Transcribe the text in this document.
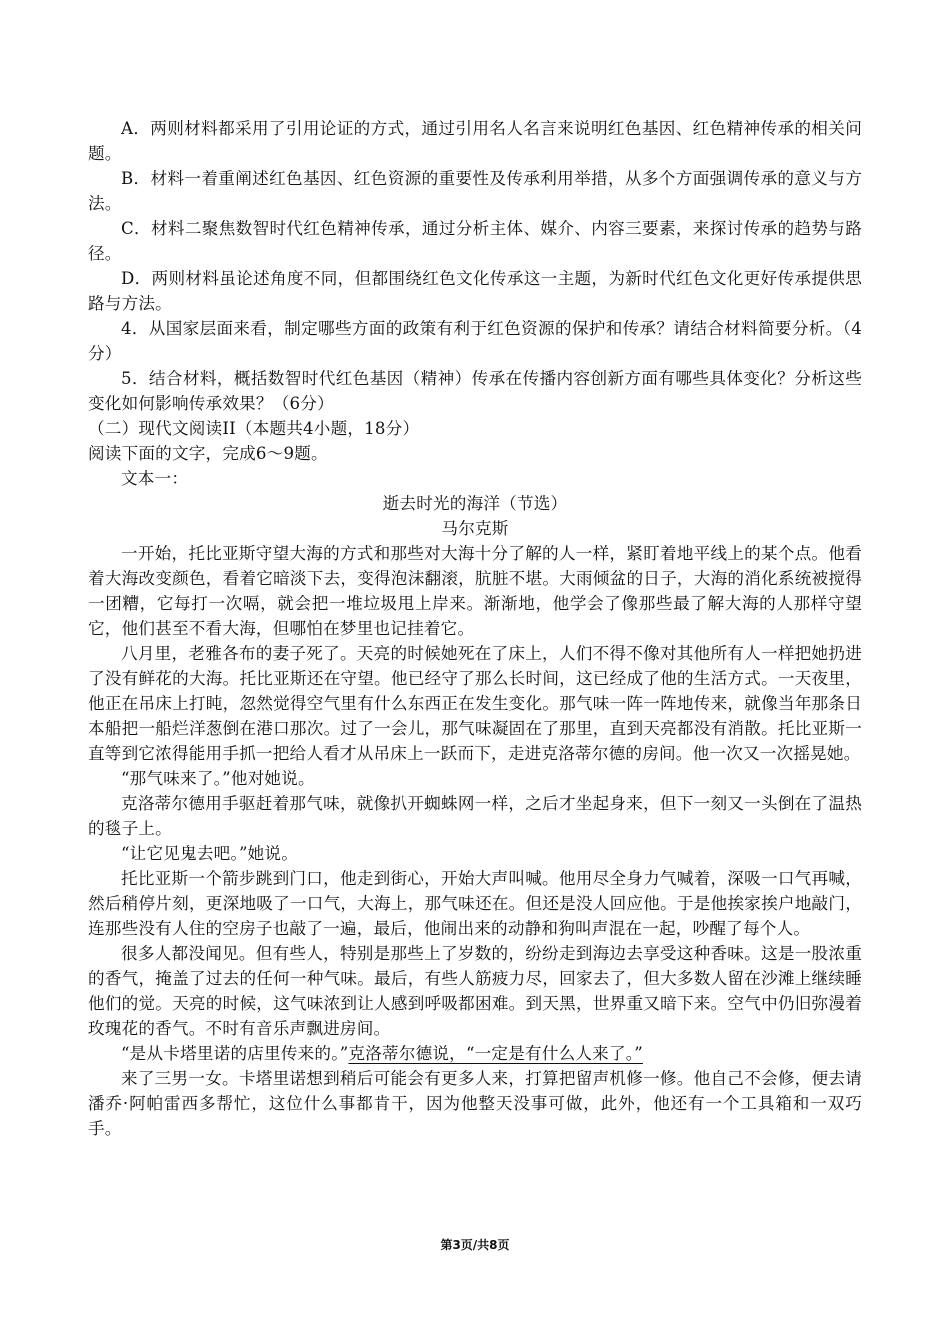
A．两则材料都采用了引用论证的方式，通过引用名人名言来说明红色基因、红色精神传承的相关问题。

B．材料一着重阐述红色基因、红色资源的重要性及传承利用举措，从多个方面强调传承的意义与方法。

C．材料二聚焦数智时代红色精神传承，通过分析主体、媒介、内容三要素，来探讨传承的趋势与路径。

D．两则材料虽论述角度不同，但都围绕红色文化传承这一主题，为新时代红色文化更好传承提供思路与方法。

4．从国家层面来看，制定哪些方面的政策有利于红色资源的保护和传承？请结合材料简要分析。（4分）

5．结合材料，概括数智时代红色基因（精神）传承在传播内容创新方面有哪些具体变化？分析这些变化如何影响传承效果？（6分）

（二）现代文阅读II（本题共4小题，18分）

阅读下面的文字，完成6～9题。

文本一：

逝去时光的海洋（节选）

马尔克斯

一开始，托比亚斯守望大海的方式和那些对大海十分了解的人一样，紧盯着地平线上的某个点。他看着大海改变颜色，看着它暗淡下去，变得泡沫翻滚，肮脏不堪。大雨倾盆的日子，大海的消化系统被搅得一团糟，它每打一次嗝，就会把一堆垃圾甩上岸来。渐渐地，他学会了像那些最了解大海的人那样守望它，他们甚至不看大海，但哪怕在梦里也记挂着它。

八月里，老雅各布的妻子死了。天亮的时候她死在了床上，人们不得不像对其他所有人一样把她扔进了没有鲜花的大海。托比亚斯还在守望。他已经守了那么长时间，这已经成了他的生活方式。一天夜里，他正在吊床上打盹，忽然觉得空气里有什么东西正在发生变化。那气味一阵一阵地传来，就像当年那条日本船把一船烂洋葱倒在港口那次。过了一会儿，那气味凝固在了那里，直到天亮都没有消散。托比亚斯一直等到它浓得能用手抓一把给人看才从吊床上一跃而下，走进克洛蒂尔德的房间。他一次又一次摇晃她。

“那气味来了。”他对她说。

克洛蒂尔德用手驱赶着那气味，就像扒开蜘蛛网一样，之后才坐起身来，但下一刻又一头倒在了温热的毯子上。

“让它见鬼去吧。”她说。

托比亚斯一个箭步跳到门口，他走到街心，开始大声叫喊。他用尽全身力气喊着，深吸一口气再喊，然后稍停片刻，更深地吸了一口气，大海上，那气味还在。但还是没人回应他。于是他挨家挨户地敲门，连那些没有人住的空房子也敲了一遍，最后，他闹出来的动静和狗叫声混在一起，吵醒了每个人。

很多人都没闻见。但有些人，特别是那些上了岁数的，纷纷走到海边去享受这种香味。这是一股浓重的香气，掩盖了过去的任何一种气味。最后，有些人筋疲力尽，回家去了，但大多数人留在沙滩上继续睡他们的觉。天亮的时候，这气味浓到让人感到呼吸都困难。到天黑，世界重又暗下来。空气中仍旧弥漫着玫瑰花的香气。不时有音乐声飘进房间。

“是从卡塔里诺的店里传来的。”克洛蒂尔德说，“一定是有什么人来了。”

来了三男一女。卡塔里诺想到稍后可能会有更多人来，打算把留声机修一修。他自己不会修，便去请潘乔·阿帕雷西多帮忙，这位什么事都肯干，因为他整天没事可做，此外，他还有一个工具箱和一双巧手。

第3页/共8页
